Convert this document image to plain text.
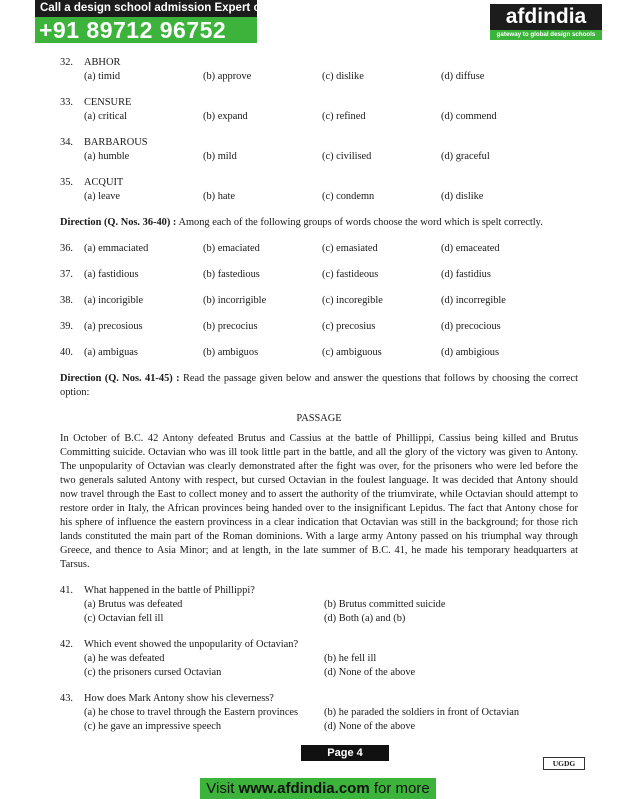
Call a design school admission Expert on
+91 89712 96752
afdindia
gateway to global design schools
32.	ABHOR
(a) timid	(b) approve	(c) dislike	(d) diffuse
33.	CENSURE
(a) critical	(b) expand	(c) refined	(d) commend
34.	BARBAROUS
(a) humble	(b) mild	(c) civilised	(d) graceful
35.	ACQUIT
(a) leave	(b) hate	(c) condemn	(d) dislike
Direction (Q. Nos. 36-40) : Among each of the following groups of words choose the word which is spelt correctly.
36.	(a) emmaciated	(b) emaciated	(c) emasiated	(d) emaceated
37.	(a) fastidious	(b) fastedious	(c) fastideous	(d) fastidius
38.	(a) incorigible	(b) incorrigible	(c) incoregible	(d) incorregible
39.	(a) precosious	(b) precocius	(c) precosius	(d) precocious
40.	(a) ambiguas	(b) ambiguos	(c) ambiguous	(d) ambigious
Direction (Q. Nos. 41-45) : Read the passage given below and answer the questions that follows by choosing the correct option:
PASSAGE
In October of B.C. 42 Antony defeated Brutus and Cassius at the battle of Phillippi, Cassius being killed and Brutus Committing suicide. Octavian who was ill took little part in the battle, and all the glory of the victory was given to Antony. The unpopularity of Octavian was clearly demonstrated after the fight was over, for the prisoners who were led before the two generals saluted Antony with respect, but cursed Octavian in the foulest language. It was decided that Antony should now travel through the East to collect money and to assert the authority of the triumvirate, while Octavian should attempt to restore order in Italy, the African provinces being handed over to the insignificant Lepidus. The fact that Antony chose for his sphere of influence the eastern provincess in a clear indication that Octavian was still in the background; for those rich lands constituted the main part of the Roman dominions. With a large army Antony passed on his triumphal way through Greece, and thence to Asia Minor; and at length, in the late summer of B.C. 41, he made his temporary headquarters at Tarsus.
41.	What happened in the battle of Phillippi?
(a) Brutus was defeated	(b) Brutus committed suicide
(c) Octavian fell ill	(d) Both (a) and (b)
42.	Which event showed the unpopularity of Octavian?
(a) he was defeated	(b) he fell ill
(c) the prisoners cursed Octavian	(d) None of the above
43.	How does Mark Antony show his cleverness?
(a) he chose to travel through the Eastern provinces	(b) he paraded the soldiers in front of Octavian
(c) he gave an impressive speech	(d) None of the above
Page 4
UGDG
Visit www.afdindia.com for more
